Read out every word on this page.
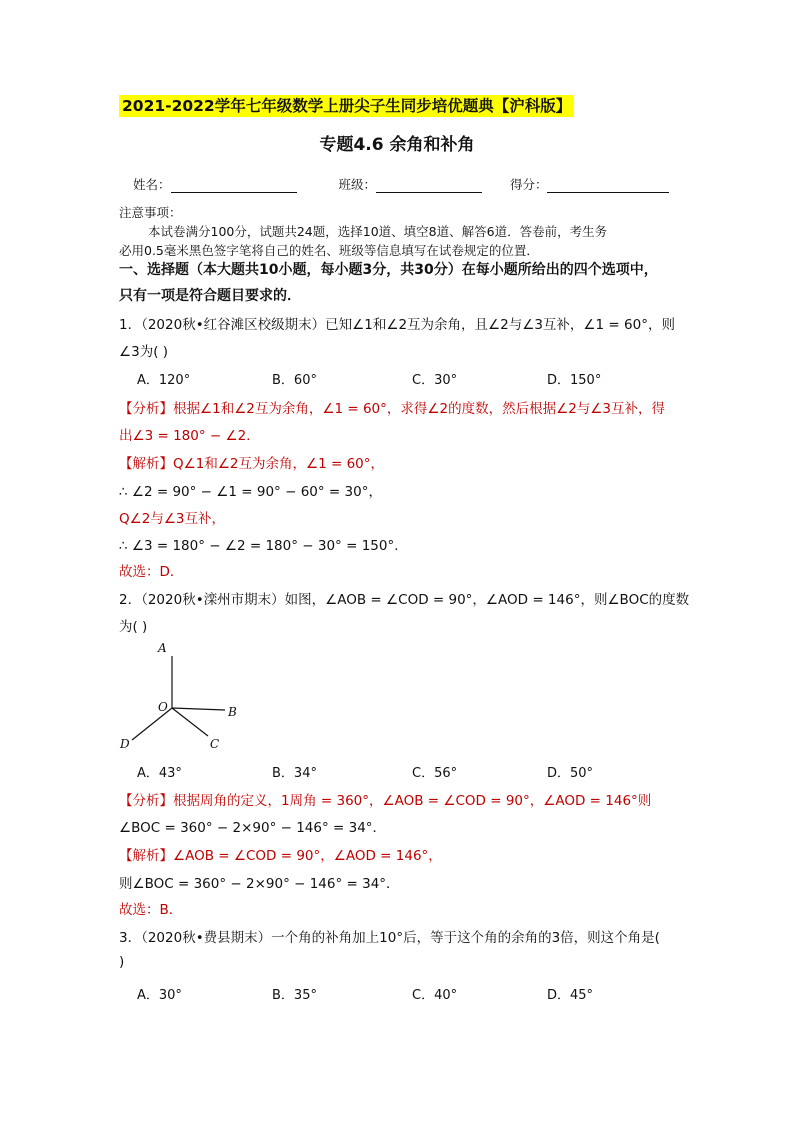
2021-2022学年七年级数学上册尖子生同步培优题典【沪科版】
专题4.6 余角和补角
姓名：	班级：	得分：
注意事项：
本试卷满分100分，试题共24题，选择10道、填空8道、解答6道．答卷前，考生务
必用0.5毫米黑色签字笔将自己的姓名、班级等信息填写在试卷规定的位置．
一、选择题（本大题共10小题，每小题3分，共30分）在每小题所给出的四个选项中，
只有一项是符合题目要求的．
1．（2020秋•红谷滩区校级期末）已知∠1和∠2互为余角，且∠2与∠3互补，∠1 = 60°，则
∠3为( )
A．120°	B．60°	C．30°	D．150°
【分析】根据∠1和∠2互为余角，∠1 = 60°，求得∠2的度数，然后根据∠2与∠3互补，得
出∠3 = 180° − ∠2．
【解析】Q∠1和∠2互为余角，∠1 = 60°，
∴ ∠2 = 90° − ∠1 = 90° − 60° = 30°，
Q∠2与∠3互补，
∴ ∠3 = 180° − ∠2 = 180° − 30° = 150°．
故选：D．
2．（2020秋•滦州市期末）如图，∠AOB = ∠COD = 90°，∠AOD = 146°，则∠BOC的度数
为( )
A
O	B
C
D
A．43°	B．34°	C．56°	D．50°
【分析】根据周角的定义，1周角 = 360°，∠AOB = ∠COD = 90°，∠AOD = 146°则
∠BOC = 360° − 2×90° − 146° = 34°．
【解析】∠AOB = ∠COD = 90°，∠AOD = 146°，
则∠BOC = 360° − 2×90° − 146° = 34°．
故选：B．
3．（2020秋•费县期末）一个角的补角加上10°后，等于这个角的余角的3倍，则这个角是(
)
A．30°	B．35°	C．40°	D．45°
